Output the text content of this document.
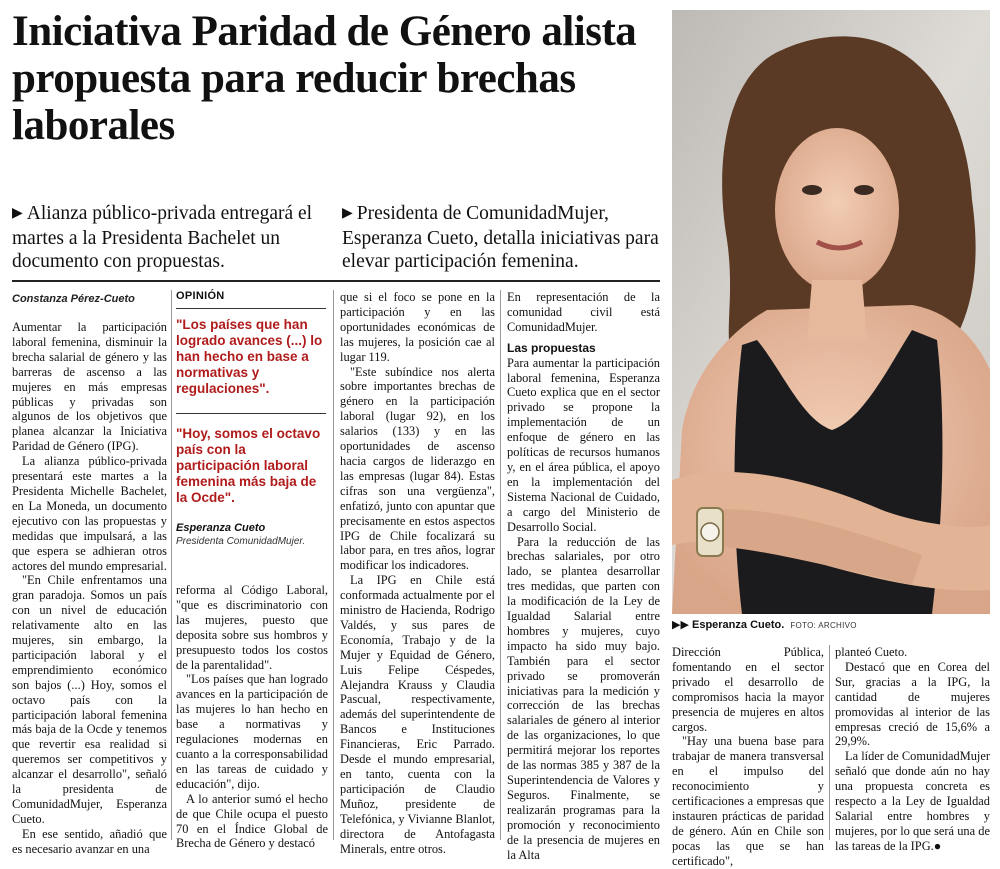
Iniciativa Paridad de Género alista propuesta para reducir brechas laborales
▶ Alianza público-privada entregará el martes a la Presidenta Bachelet un documento con propuestas.
▶ Presidenta de ComunidadMujer, Esperanza Cueto, detalla iniciativas para elevar participación femenina.
Constanza Pérez-Cueto

Aumentar la participación laboral femenina, disminuir la brecha salarial de género y las barreras de ascenso a las mujeres en más empresas públicas y privadas son algunos de los objetivos que planea alcanzar la Iniciativa Paridad de Género (IPG).

La alianza público-privada presentará este martes a la Presidenta Michelle Bachelet, en La Moneda, un documento ejecutivo con las propuestas y medidas que impulsará, a las que espera se adhieran otros actores del mundo empresarial.

"En Chile enfrentamos una gran paradoja. Somos un país con un nivel de educación relativamente alto en las mujeres, sin embargo, la participación laboral y el emprendimiento económico son bajos (...) Hoy, somos el octavo país con la participación laboral femenina más baja de la Ocde y tenemos que revertir esa realidad si queremos ser competitivos y alcanzar el desarrollo", señaló la presidenta de ComunidadMujer, Esperanza Cueto.

En ese sentido, añadió que es necesario avanzar en una

OPINIÓN
"Los países que han logrado avances (...) lo han hecho en base a normativas y regulaciones".
"Hoy, somos el octavo país con la participación laboral femenina más baja de la Ocde".
Esperanza Cueto
Presidenta ComunidadMujer.

reforma al Código Laboral, "que es discriminatorio con las mujeres, puesto que deposita sobre sus hombros y presupuesto todos los costos de la parentalidad".

"Los países que han logrado avances en la participación de las mujeres lo han hecho en base a normativas y regulaciones modernas en cuanto a la corresponsabilidad en las tareas de cuidado y educación", dijo.

A lo anterior sumó el hecho de que Chile ocupa el puesto 70 en el Índice Global de Brecha de Género y destacó

que si el foco se pone en la participación y en las oportunidades económicas de las mujeres, la posición cae al lugar 119.

"Este subíndice nos alerta sobre importantes brechas de género en la participación laboral (lugar 92), en los salarios (133) y en las oportunidades de ascenso hacia cargos de liderazgo en las empresas (lugar 84). Estas cifras son una vergüenza", enfatizó, junto con apuntar que precisamente en estos aspectos IPG de Chile focalizará su labor para, en tres años, lograr modificar los indicadores.

La IPG en Chile está conformada actualmente por el ministro de Hacienda, Rodrigo Valdés, y sus pares de Economía, Trabajo y de la Mujer y Equidad de Género, Luis Felipe Céspedes, Alejandra Krauss y Claudia Pascual, respectivamente, además del superintendente de Bancos e Instituciones Financieras, Eric Parrado. Desde el mundo empresarial, en tanto, cuenta con la participación de Claudio Muñoz, presidente de Telefónica, y Vivianne Blanlot, directora de Antofagasta Minerals, entre otros.

En representación de la comunidad civil está ComunidadMujer.

Las propuestas

Para aumentar la participación laboral femenina, Esperanza Cueto explica que en el sector privado se propone la implementación de un enfoque de género en las políticas de recursos humanos y, en el área pública, el apoyo en la implementación del Sistema Nacional de Cuidado, a cargo del Ministerio de Desarrollo Social.

Para la reducción de las brechas salariales, por otro lado, se plantea desarrollar tres medidas, que parten con la modificación de la Ley de Igualdad Salarial entre hombres y mujeres, cuyo impacto ha sido muy bajo. También para el sector privado se promoverán iniciativas para la medición y corrección de las brechas salariales de género al interior de las organizaciones, lo que permitirá mejorar los reportes de las normas 385 y 387 de la Superintendencia de Valores y Seguros. Finalmente, se realizarán programas para la promoción y reconocimiento de la presencia de mujeres en la Alta

▶▶ Esperanza Cueto. FOTO: ARCHIVO

Dirección Pública, fomentando en el sector privado el desarrollo de compromisos hacia la mayor presencia de mujeres en altos cargos.

"Hay una buena base para trabajar de manera transversal en el impulso del reconocimiento y certificaciones a empresas que instauren prácticas de paridad de género. Aún en Chile son pocas las que se han certificado",

planteó Cueto.

Destacó que en Corea del Sur, gracias a la IPG, la cantidad de mujeres promovidas al interior de las empresas creció de 15,6% a 29,9%.

La líder de ComunidadMujer señaló que donde aún no hay una propuesta concreta es respecto a la Ley de Igualdad Salarial entre hombres y mujeres, por lo que será una de las tareas de la IPG.●
